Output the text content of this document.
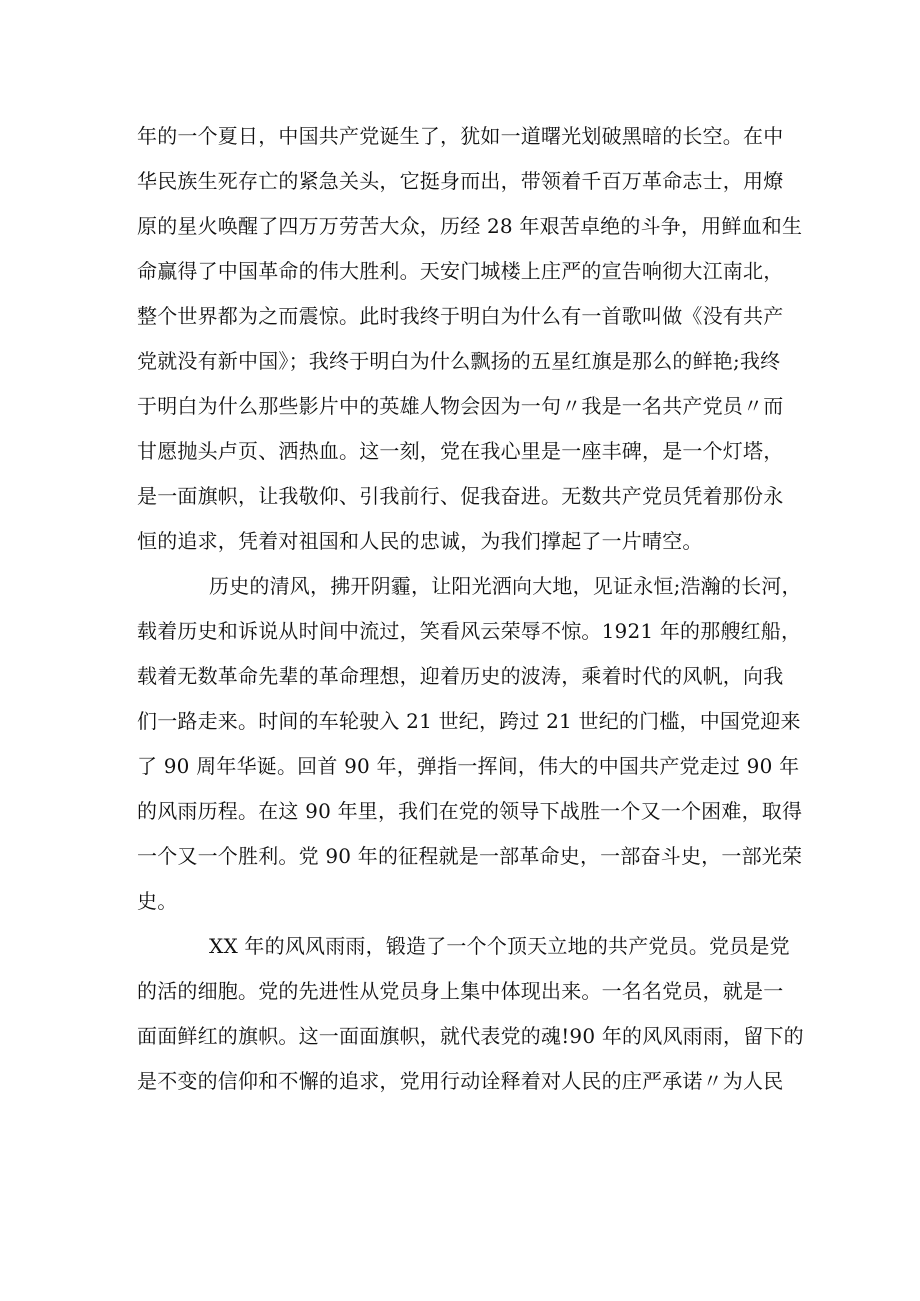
年的一个夏日，中国共产党诞生了，犹如一道曙光划破黑暗的长空。在中
华民族生死存亡的紧急关头，它挺身而出，带领着千百万革命志士，用燎
原的星火唤醒了四万万劳苦大众，历经 28 年艰苦卓绝的斗争，用鲜血和生
命赢得了中国革命的伟大胜利。天安门城楼上庄严的宣告响彻大江南北，
整个世界都为之而震惊。此时我终于明白为什么有一首歌叫做《没有共产
党就没有新中国》；我终于明白为什么飘扬的五星红旗是那么的鲜艳;我终
于明白为什么那些影片中的英雄人物会因为一句〃我是一名共产党员〃而
甘愿抛头卢页、洒热血。这一刻，党在我心里是一座丰碑，是一个灯塔，
是一面旗帜，让我敬仰、引我前行、促我奋进。无数共产党员凭着那份永
恒的追求，凭着对祖国和人民的忠诚，为我们撑起了一片晴空。
历史的清风，拂开阴霾，让阳光洒向大地，见证永恒;浩瀚的长河，
载着历史和诉说从时间中流过，笑看风云荣辱不惊。1921 年的那艘红船，
载着无数革命先辈的革命理想，迎着历史的波涛，乘着时代的风帆，向我
们一路走来。时间的车轮驶入 21 世纪，跨过 21 世纪的门槛，中国党迎来
了 90 周年华诞。回首 90 年，弹指一挥间，伟大的中国共产党走过 90 年
的风雨历程。在这 90 年里，我们在党的领导下战胜一个又一个困难，取得
一个又一个胜利。党 90 年的征程就是一部革命史，一部奋斗史，一部光荣
史。
XX 年的风风雨雨，锻造了一个个顶天立地的共产党员。党员是党
的活的细胞。党的先进性从党员身上集中体现出来。一名名党员，就是一
面面鲜红的旗帜。这一面面旗帜，就代表党的魂!90 年的风风雨雨，留下的
是不变的信仰和不懈的追求，党用行动诠释着对人民的庄严承诺〃为人民
